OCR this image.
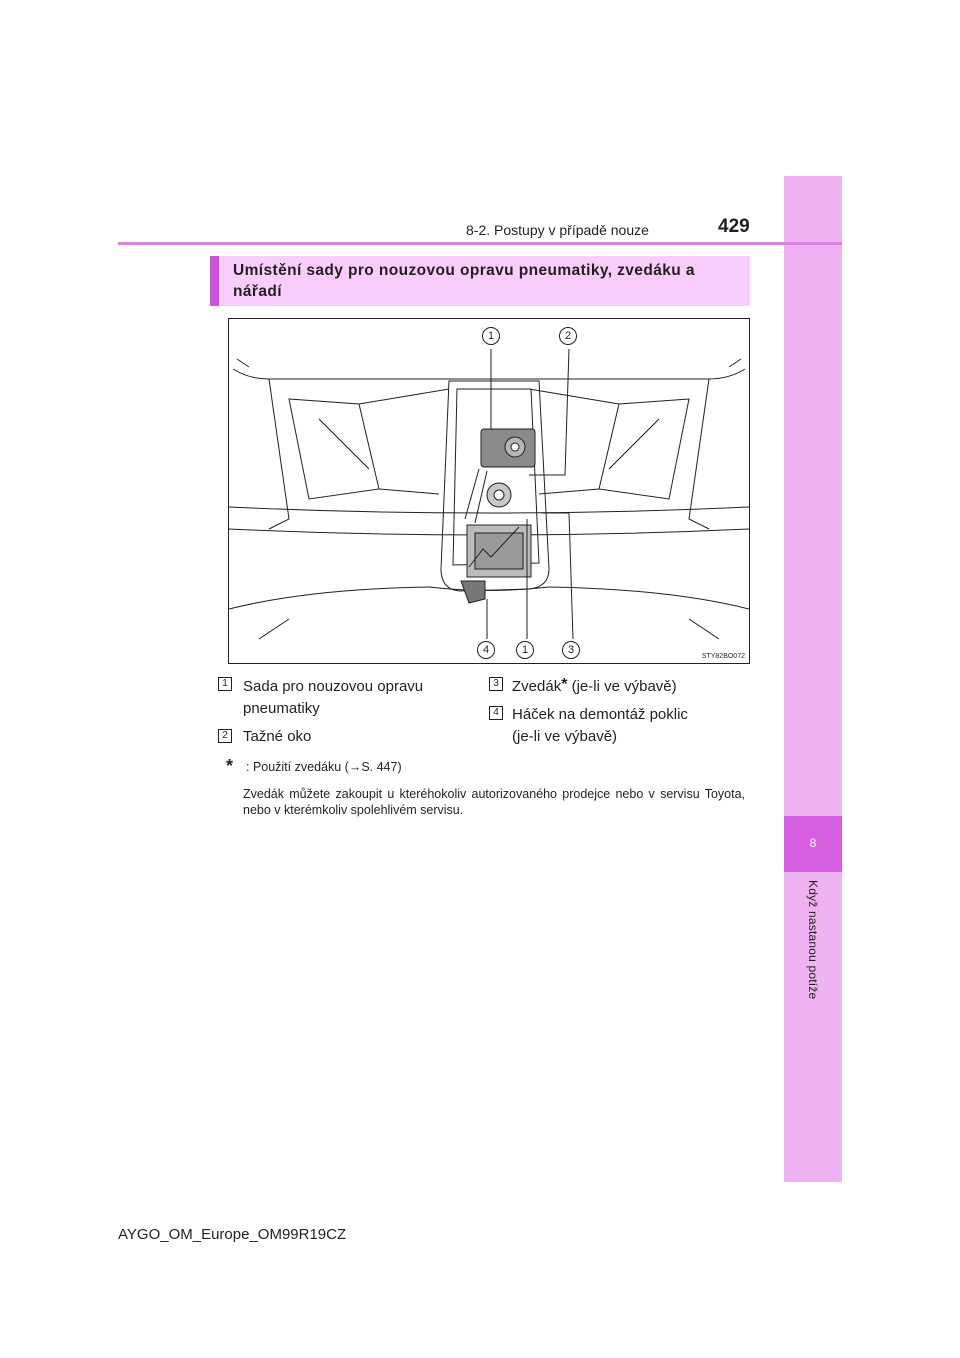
8
Když nastanou potíže
8-2. Postupy v případě nouze	429
Umístění sady pro nouzovou opravu pneumatiky, zvedáku a nářadí
1	2
4	1	3
STY82BO072
1 Sada pro nouzovou opravu
pneumatiky
2 Tažné oko
3 Zvedák* (je-li ve výbavě)
4 Háček na demontáž poklic
(je-li ve výbavě)
* : Použití zvedáku (→S. 447)
Zvedák můžete zakoupit u kteréhokoliv autorizovaného prodejce nebo v servisu Toyota, nebo v kterémkoliv spolehlivém servisu.
AYGO_OM_Europe_OM99R19CZ
